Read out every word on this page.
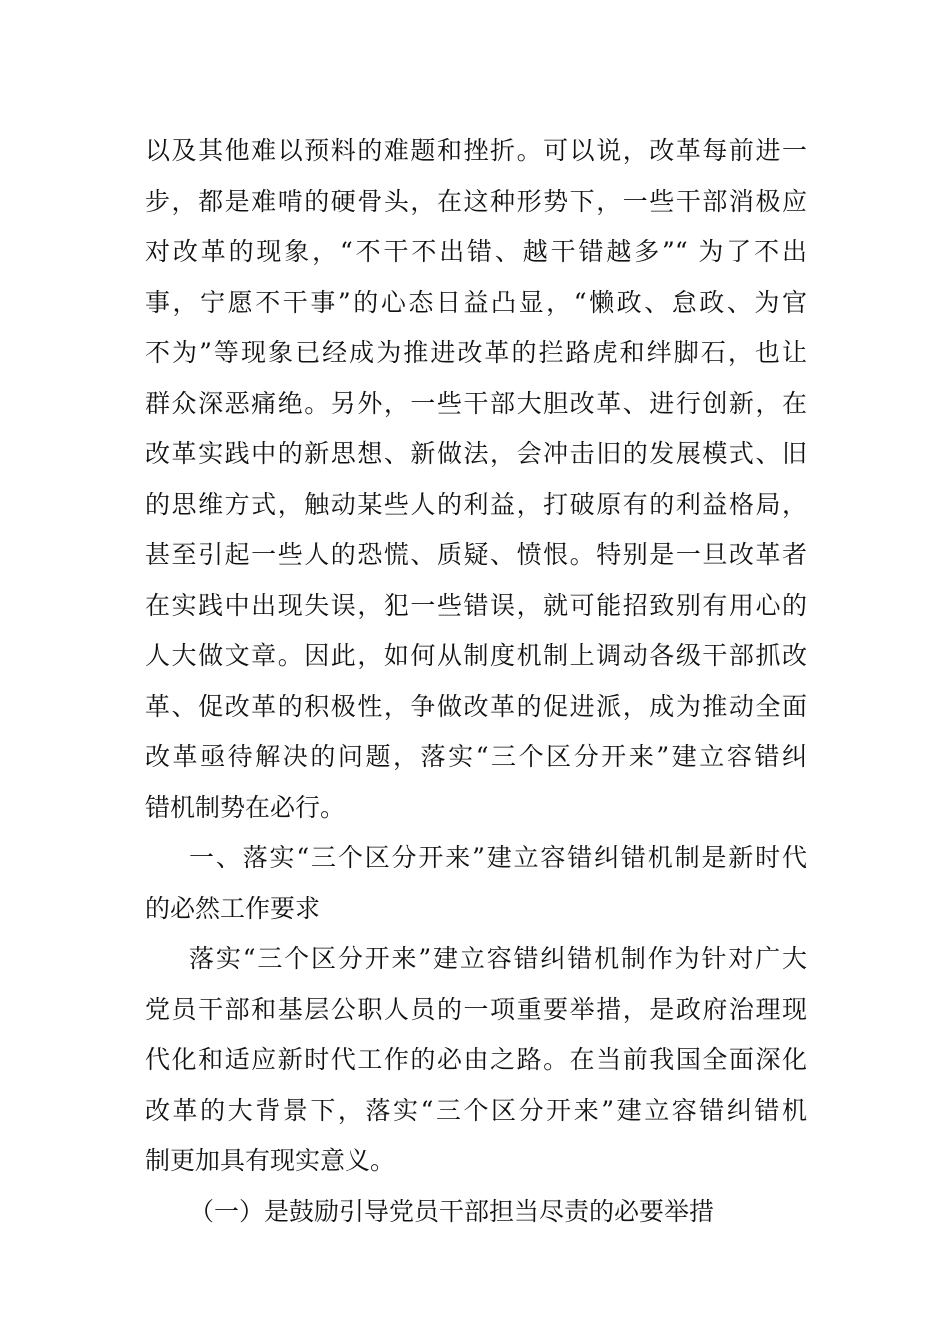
以及其他难以预料的难题和挫折。可以说，改革每前进一
步，都是难啃的硬骨头，在这种形势下，一些干部消极应
对改革的现象，“不干不出错、越干错越多”“ 为了不出
事，宁愿不干事”的心态日益凸显，“懒政、怠政、为官
不为”等现象已经成为推进改革的拦路虎和绊脚石，也让
群众深恶痛绝。另外，一些干部大胆改革、进行创新，在
改革实践中的新思想、新做法，会冲击旧的发展模式、旧
的思维方式，触动某些人的利益，打破原有的利益格局，
甚至引起一些人的恐慌、质疑、愤恨。特别是一旦改革者
在实践中出现失误，犯一些错误，就可能招致别有用心的
人大做文章。因此，如何从制度机制上调动各级干部抓改
革、促改革的积极性，争做改革的促进派，成为推动全面
改革亟待解决的问题，落实“三个区分开来”建立容错纠
错机制势在必行。
一、落实“三个区分开来”建立容错纠错机制是新时代
的必然工作要求
落实“三个区分开来”建立容错纠错机制作为针对广大
党员干部和基层公职人员的一项重要举措，是政府治理现
代化和适应新时代工作的必由之路。在当前我国全面深化
改革的大背景下，落实“三个区分开来”建立容错纠错机
制更加具有现实意义。
（一）是鼓励引导党员干部担当尽责的必要举措
